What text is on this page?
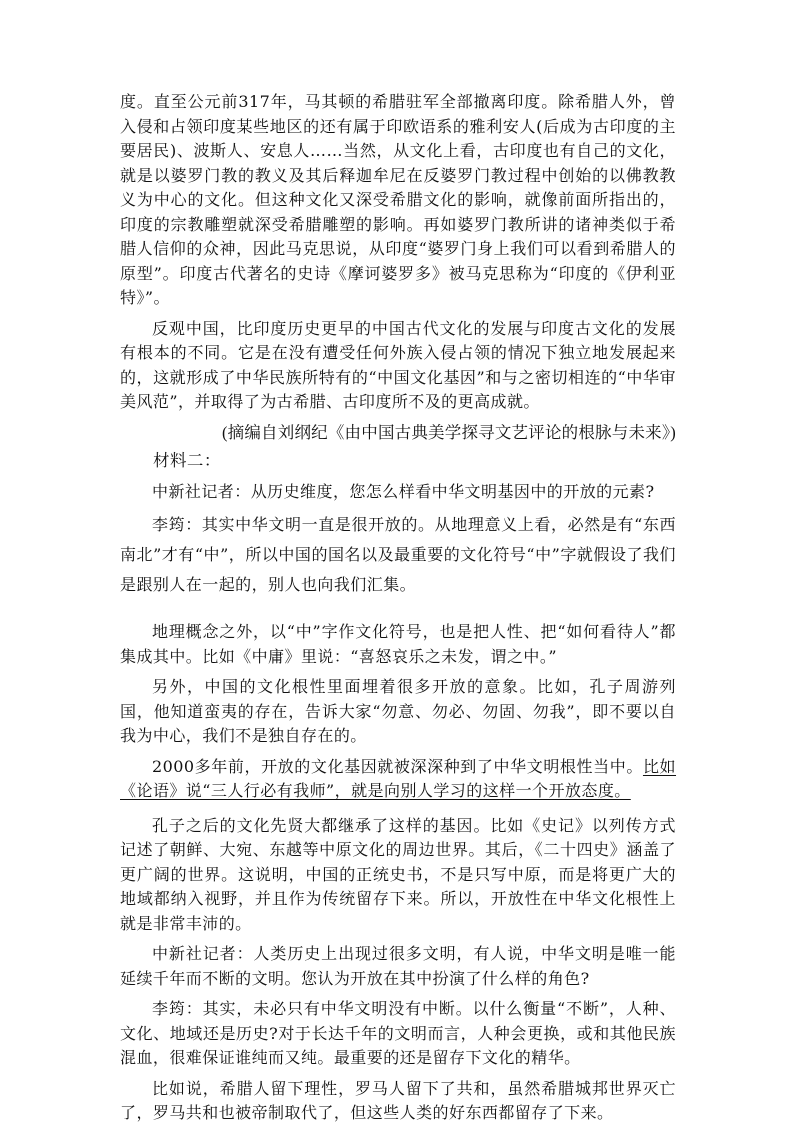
度。直至公元前317年，马其顿的希腊驻军全部撤离印度。除希腊人外，曾入侵和占领印度某些地区的还有属于印欧语系的雅利安人(后成为古印度的主要居民)、波斯人、安息人……当然，从文化上看，古印度也有自己的文化，就是以婆罗门教的教义及其后释迦牟尼在反婆罗门教过程中创始的以佛教教义为中心的文化。但这种文化又深受希腊文化的影响，就像前面所指出的，印度的宗教雕塑就深受希腊雕塑的影响。再如婆罗门教所讲的诸神类似于希腊人信仰的众神，因此马克思说，从印度“婆罗门身上我们可以看到希腊人的原型”。印度古代著名的史诗《摩诃婆罗多》被马克思称为“印度的《伊利亚特》”。

反观中国，比印度历史更早的中国古代文化的发展与印度古文化的发展有根本的不同。它是在没有遭受任何外族入侵占领的情况下独立地发展起来的，这就形成了中华民族所特有的“中国文化基因”和与之密切相连的“中华审美风范”，并取得了为古希腊、古印度所不及的更高成就。

(摘编自刘纲纪《由中国古典美学探寻文艺评论的根脉与未来》)

材料二：

中新社记者：从历史维度，您怎么样看中华文明基因中的开放的元素?

李筠：其实中华文明一直是很开放的。从地理意义上看，必然是有“东西南北”才有“中”，所以中国的国名以及最重要的文化符号“中”字就假设了我们是跟别人在一起的，别人也向我们汇集。

地理概念之外，以“中”字作文化符号，也是把人性、把“如何看待人”都集成其中。比如《中庸》里说：“喜怒哀乐之未发，谓之中。”

另外，中国的文化根性里面埋着很多开放的意象。比如，孔子周游列国，他知道蛮夷的存在，告诉大家“勿意、勿必、勿固、勿我”，即不要以自我为中心，我们不是独自存在的。

2000多年前，开放的文化基因就被深深种到了中华文明根性当中。比如《论语》说“三人行必有我师”，就是向别人学习的这样一个开放态度。

孔子之后的文化先贤大都继承了这样的基因。比如《史记》以列传方式记述了朝鲜、大宛、东越等中原文化的周边世界。其后，《二十四史》涵盖了更广阔的世界。这说明，中国的正统史书，不是只写中原，而是将更广大的地域都纳入视野，并且作为传统留存下来。所以，开放性在中华文化根性上就是非常丰沛的。

中新社记者：人类历史上出现过很多文明，有人说，中华文明是唯一能延续千年而不断的文明。您认为开放在其中扮演了什么样的角色?

李筠：其实，未必只有中华文明没有中断。以什么衡量“不断”，人种、文化、地域还是历史?对于长达千年的文明而言，人种会更换，或和其他民族混血，很难保证谁纯而又纯。最重要的还是留存下文化的精华。

比如说，希腊人留下理性，罗马人留下了共和，虽然希腊城邦世界灭亡了，罗马共和也被帝制取代了，但这些人类的好东西都留存了下来。
